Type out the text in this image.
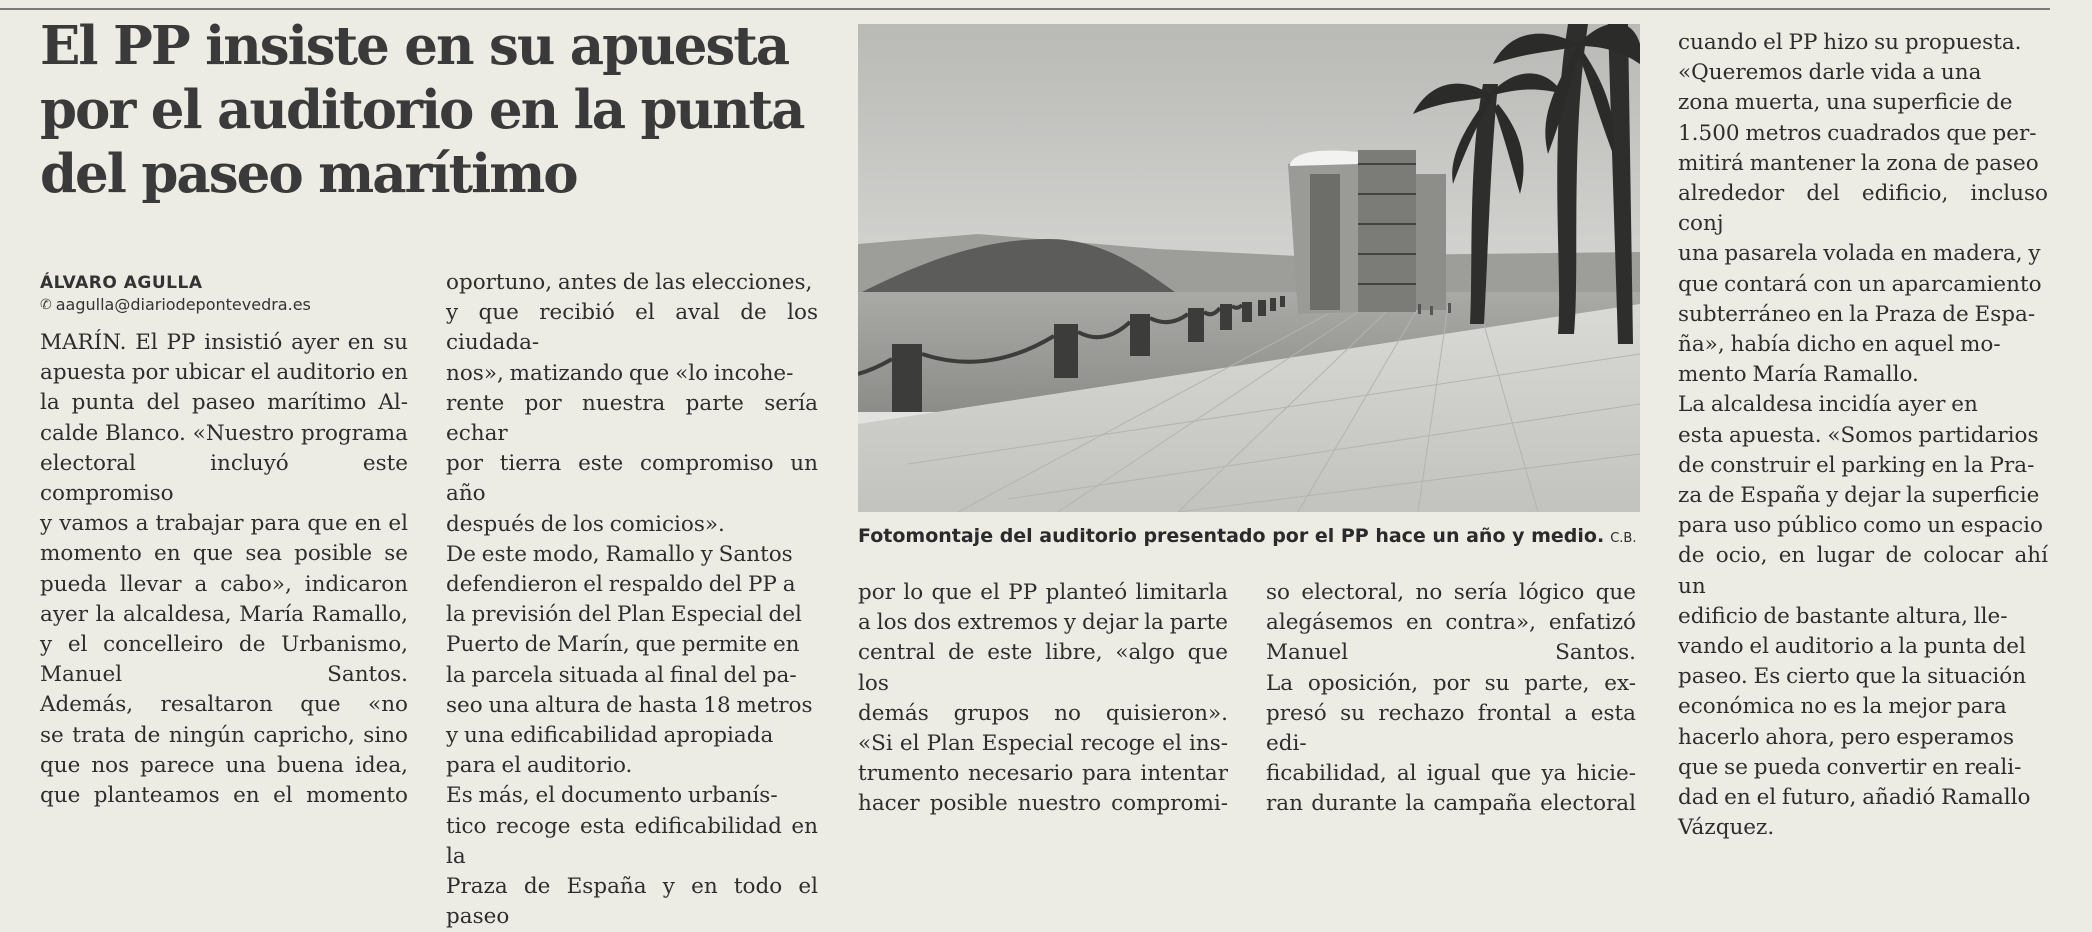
El PP insiste en su apuesta por el auditorio en la punta del paseo marítimo
ÁLVARO AGULLA
✆ aagulla@diariodepontevedra.es

MARÍN. El PP insistió ayer en su
apuesta por ubicar el auditorio en
la punta del paseo marítimo Al-
calde Blanco. «Nuestro programa
electoral incluyó este compromiso
y vamos a trabajar para que en el
momento en que sea posible se
pueda llevar a cabo», indicaron
ayer la alcaldesa, María Ramallo,
y el concelleiro de Urbanismo,
Manuel Santos.
Además, resaltaron que «no
se trata de ningún capricho, sino
que nos parece una buena idea,
que planteamos en el momento

oportuno, antes de las elecciones,
y que recibió el aval de los ciudada-
nos», matizando que «lo incohe-
rente por nuestra parte sería echar
por tierra este compromiso un año
después de los comicios».
De este modo, Ramallo y Santos
defendieron el respaldo del PP a
la previsión del Plan Especial del
Puerto de Marín, que permite en
la parcela situada al final del pa-
seo una altura de hasta 18 metros
y una edificabilidad apropiada
para el auditorio.
Es más, el documento urbanís-
tico recoge esta edificabilidad en la
Praza de España y en todo el paseo

por lo que el PP planteó limitarla
a los dos extremos y dejar la parte
central de este libre, «algo que los
demás grupos no quisieron».
«Si el Plan Especial recoge el ins-
trumento necesario para intentar
hacer posible nuestro compromi-

so electoral, no sería lógico que
alegásemos en contra», enfatizó
Manuel Santos.
La oposición, por su parte, ex-
presó su rechazo frontal a esta edi-
ficabilidad, al igual que ya hicie-
ran durante la campaña electoral

cuando el PP hizo su propuesta.
«Queremos darle vida a una
zona muerta, una superficie de
1.500 metros cuadrados que per-
mitirá mantener la zona de paseo
alrededor del edificio, incluso conj
una pasarela volada en madera, y
que contará con un aparcamiento
subterráneo en la Praza de Espa-
ña», había dicho en aquel mo-
mento María Ramallo.
La alcaldesa incidía ayer en
esta apuesta. «Somos partidarios
de construir el parking en la Pra-
za de España y dejar la superficie
para uso público como un espacio
de ocio, en lugar de colocar ahí un
edificio de bastante altura, lle-
vando el auditorio a la punta del
paseo. Es cierto que la situación
económica no es la mejor para
hacerlo ahora, pero esperamos
que se pueda convertir en reali-
dad en el futuro, añadió Ramallo
Vázquez.

Fotomontaje del auditorio presentado por el PP hace un año y medio. C.B.
